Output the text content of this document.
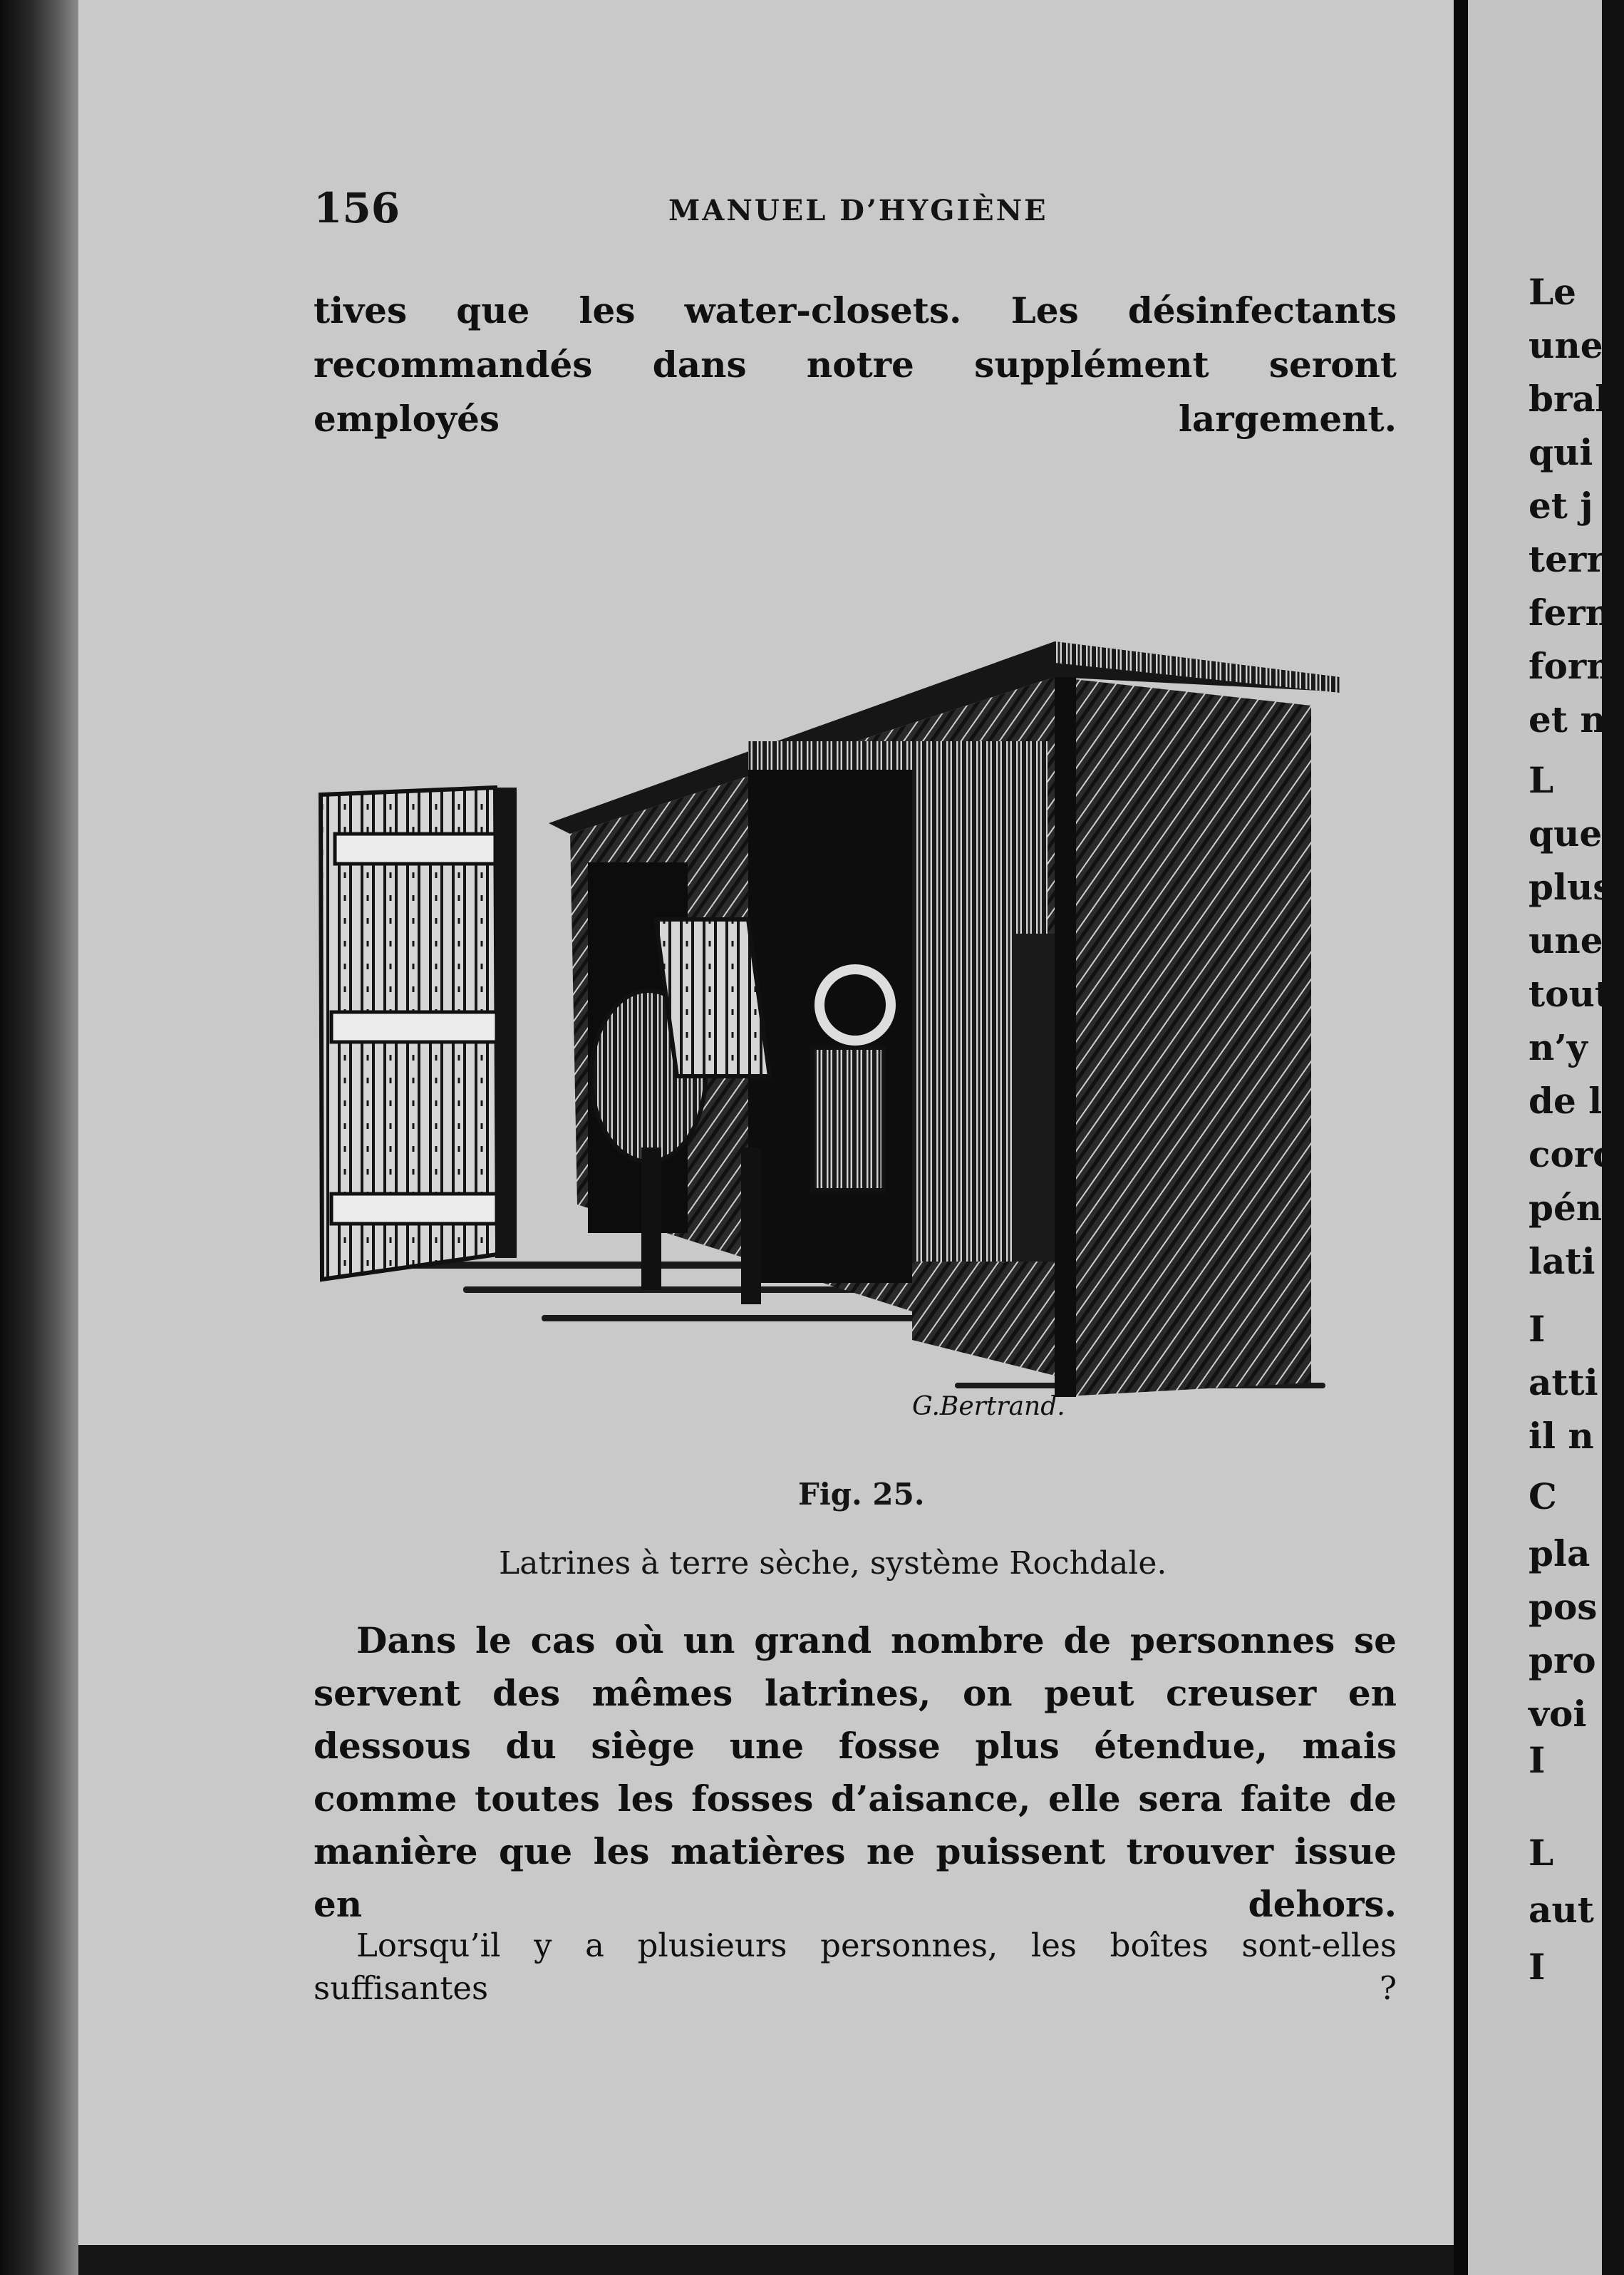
156	MANUEL D’HYGIÈNE
tives que les water-closets. Les désinfectants recommandés dans notre supplément seront employés largement.
G.Bertrand.
Fig. 25.
Latrines à terre sèche, système Rochdale.
Dans le cas où un grand nombre de personnes se servent des mêmes latrines, on peut creuser en dessous du siège une fosse plus étendue, mais comme toutes les fosses d’aisance, elle sera faite de manière que les matières ne puissent trouver issue en dehors.
Lorsqu’il y a plusieurs personnes, les boîtes sont-elles suffisantes ?
Le
une
brab
qui
et j
terr
fern
form
et n
L
que
plus
une
tout
n’y
de l
corc
pén
lati
I
atti
il n
C
pla
pos
pro
voi
I
L
aut
I
